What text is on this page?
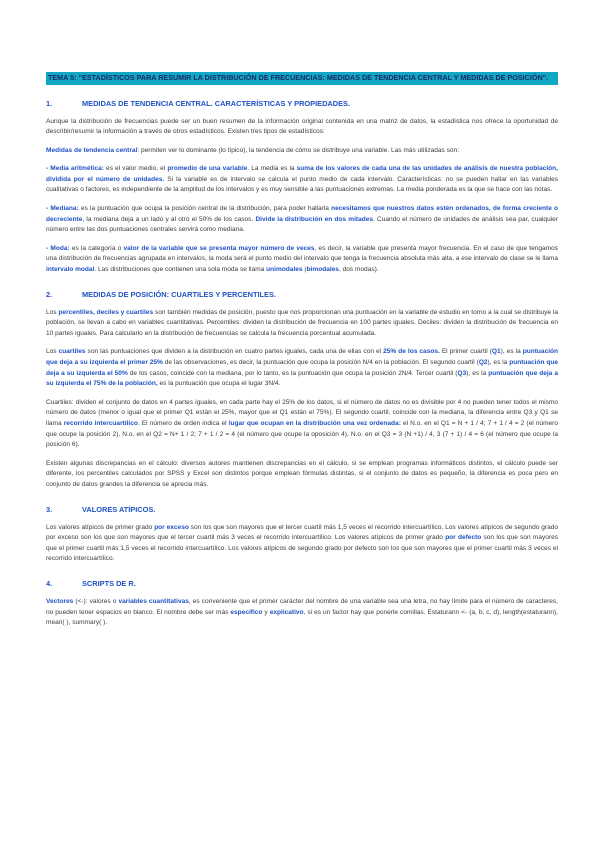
TEMA 5: “ESTADÍSTICOS PARA RESUMIR LA DISTRIBUCIÓN DE FRECUENCIAS: MEDIDAS DE TENDENCIA CENTRAL Y MEDIDAS DE POSICIÓN”.
1.	MEDIDAS DE TENDENCIA CENTRAL. CARACTERÍSTICAS Y PROPIEDADES.

Aunque la distribución de frecuencias puede ser un buen resumen de la información original contenida en una matriz de datos, la estadística nos ofrece la oportunidad de describir/resumir la información a través de otros estadísticos. Existen tres tipos de estadísticos:

Medidas de tendencia central: permiten ver lo dominante (lo típico), la tendencia de cómo se distribuye una variable. Las más utilizadas son:

- Media aritmética: es el valor medio, el promedio de una variable. La media es la suma de los valores de cada una de las unidades de análisis de nuestra población, dividida por el número de unidades. Si la variable es de intervalo se calcula el punto medio de cada intervalo. Características: no se pueden hallar en las variables cualitativas o factores, es independiente de la amplitud de los intervalos y es muy sensible a las puntuaciones extremas. La media ponderada es la que se hace con las notas.

- Mediana: es la puntuación que ocupa la posición central de la distribución, para poder hallarla necesitamos que nuestros datos estén ordenados, de forma creciente o decreciente, la mediana deja a un lado y al otro el 50% de los casos. Divide la distribución en dos mitades. Cuando el número de unidades de análisis sea par, cualquier número entre las dos puntuaciones centrales servirá como mediana.

- Moda: es la categoría o valor de la variable que se presenta mayor número de veces, es decir, la variable que presenta mayor frecuencia. En el caso de que tengamos una distribución de frecuencias agrupada en intervalos, la moda será el punto medio del intervalo que tenga la frecuencia absoluta más alta, a ese intervalo de clase se le llama intervalo modal. Las distribuciones que contienen una sola moda se llama unimodales (bimodales, dos modas).

2.	MEDIDAS DE POSICIÓN: CUARTILES Y PERCENTILES.

Los percentiles, deciles y cuartiles son también medidas de posición, puesto que nos proporcionan una puntuación en la variable de estudio en torno a la cual se distribuye la población, se llevan a cabo en variables cuantitativas. Percentiles: dividen la distribución de frecuencia en 100 partes iguales. Deciles: dividen la distribución de frecuencia en 10 partes iguales. Para calcularlo en la distribución de frecuencias se calcula la frecuencia porcentual acumulada.

Los cuartiles son las puntuaciones que dividen a la distribución en cuatro partes iguales, cada una de ellas con el 25% de los casos. El primer cuartil (Q1), es la puntuación que deja a su izquierda el primer 25% de las observaciones, es decir, la puntuación que ocupa la posición N/4 en la población. El segundo cuartil (Q2), es la puntuación que deja a su izquierda el 50% de los casos, coincide con la mediana, por lo tanto, es la puntuación que ocupa la posición 2N/4. Tercer cuartil (Q3), es la puntuación que deja a su izquierda el 75% de la población, es la puntuación que ocupa el lugar 3N/4.

Cuartiles: dividen el conjunto de datos en 4 partes iguales, en cada parte hay el 25% de los datos, si el número de datos no es divisible por 4 no pueden tener todos el mismo número de datos (menor o igual que el primer Q1 están el 25%, mayor que el Q1 están el 75%). El segundo cuartil, coincide con la mediana, la diferencia entre Q3 y Q1 se llama recorrido intercuartílico. El número de orden indica el lugar que ocupan en la distribución una vez ordenada: el N.o. en el Q1 = N + 1 / 4; 7 + 1 / 4 = 2 (el número que ocupe la posición 2), N.o. en el Q2 = N+ 1 / 2; 7 + 1 / 2 = 4 (el número que ocupe la oposición 4), N.o. en el Q3 = 3 (N +1) / 4, 3 (7 + 1) / 4 = 6 (el número que ocupe la posición 6).

Existen algunas discrepancias en el cálculo: diversos autores mantienen discrepancias en el cálculo, si se emplean programas informáticos distintos, el cálculo puede ser diferente, los percentiles calculados por SPSS y Excel son distintos porque emplean fórmulas distintas, si el conjunto de datos es pequeño, la diferencia es poca pero en conjunto de datos grandes la diferencia se aprecia más.

3.	VALORES ATÍPICOS.

Los valores atípicos de primer grado por exceso son los que son mayores que el tercer cuartil más 1,5 veces el recorrido intercuartílico. Los valores atípicos de segundo grado por exceso son los que son mayores que el tercer cuartil más 3 veces el recorrido intercuartílico. Los valores atípicos de primer grado por defecto son los que son mayores que el primer cuartil más 1,5 veces el recorrido intercuartílico. Los valores atípicos de segundo grado por defecto son los que son mayores que el primer cuartil más 3 veces el recorrido intercuartílico.

4.	SCRIPTS DE R.

Vectores (<-): valores o variables cuantitativas, es conveniente que el primer carácter del nombre de una variable sea una letra, no hay límite para el número de caracteres, no pueden tener espacios en blanco. El nombre debe ser más específico y explicativo, si es un factor hay que ponerle comillas. Estaturann <- (a, b, c, d), length(estaturann), mean( ), summary( ).
